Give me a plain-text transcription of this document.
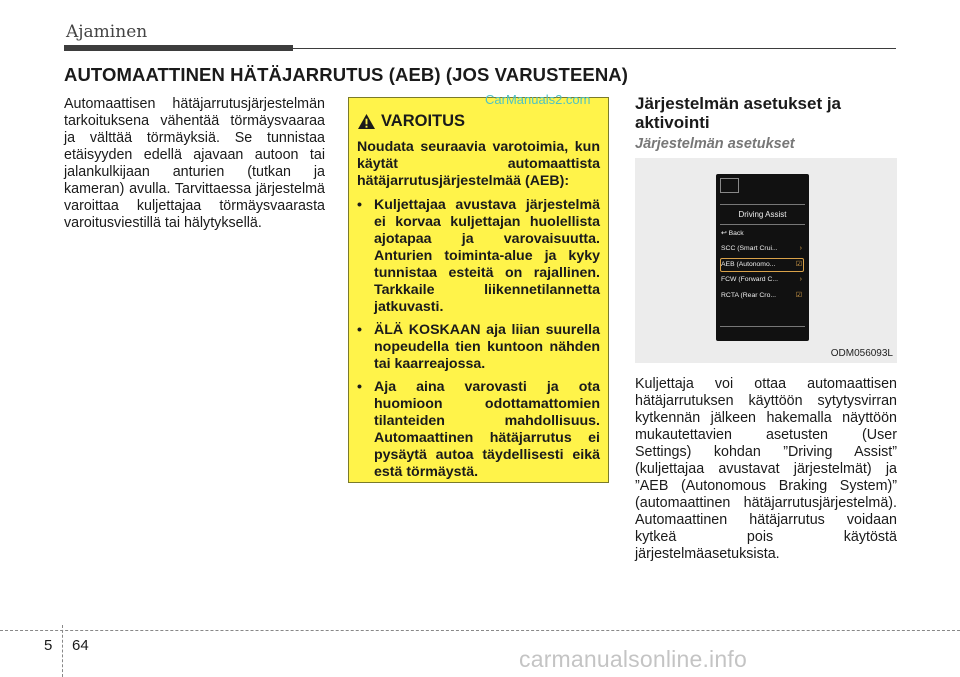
Ajaminen
AUTOMAATTINEN HÄTÄJARRUTUS (AEB) (JOS VARUSTEENA)
Automaattisen hätäjarrutusjärjestelmän tarkoituksena vähentää törmäysvaaraa ja välttää törmäyksiä. Se tunnistaa etäisyyden edellä ajavaan autoon tai jalankulkijaan anturien (tutkan ja kameran) avulla. Tarvittaessa järjestelmä varoittaa kuljettajaa törmäysvaarasta varoitusviestillä tai hälytyksellä.
VAROITUS
Noudata seuraavia varotoimia, kun käytät automaattista hätäjarrutusjärjestelmää (AEB):
• Kuljettajaa avustava järjestelmä ei korvaa kuljettajan huolellista ajotapaa ja varovaisuutta. Anturien toiminta-alue ja kyky tunnistaa esteitä on rajallinen. Tarkkaile liikennetilannetta jatkuvasti.
• ÄLÄ KOSKAAN aja liian suurella nopeudella tien kuntoon nähden tai kaarreajossa.
• Aja aina varovasti ja ota huomioon odottamattomien tilanteiden mahdollisuus. Automaattinen hätäjarrutus ei pysäytä autoa täydellisesti eikä estä törmäystä.
CarManuals2.com	Järjestelmän asetukset ja aktivointi
Järjestelmän asetukset
Driving Assist
↩ Back
SCC (Smart Crui...	›
AEB (Autonomo...	☑
FCW (Forward C...	›
RCTA (Rear Cro...	☑
ODM056093L
Kuljettaja voi ottaa automaattisen hätäjarrutuksen käyttöön sytytysvirran kytkennän jälkeen hakemalla näyttöön mukautettavien asetusten (User Settings) kohdan ”Driving Assist” (kuljettajaa avustavat järjestelmät) ja ”AEB (Autonomous Braking System)” (automaattinen hätäjarrutusjärjestelmä). Automaattinen hätäjarrutus voidaan kytkeä pois käytöstä järjestelmäasetuksista.
5 64
carmanualsonline.info
